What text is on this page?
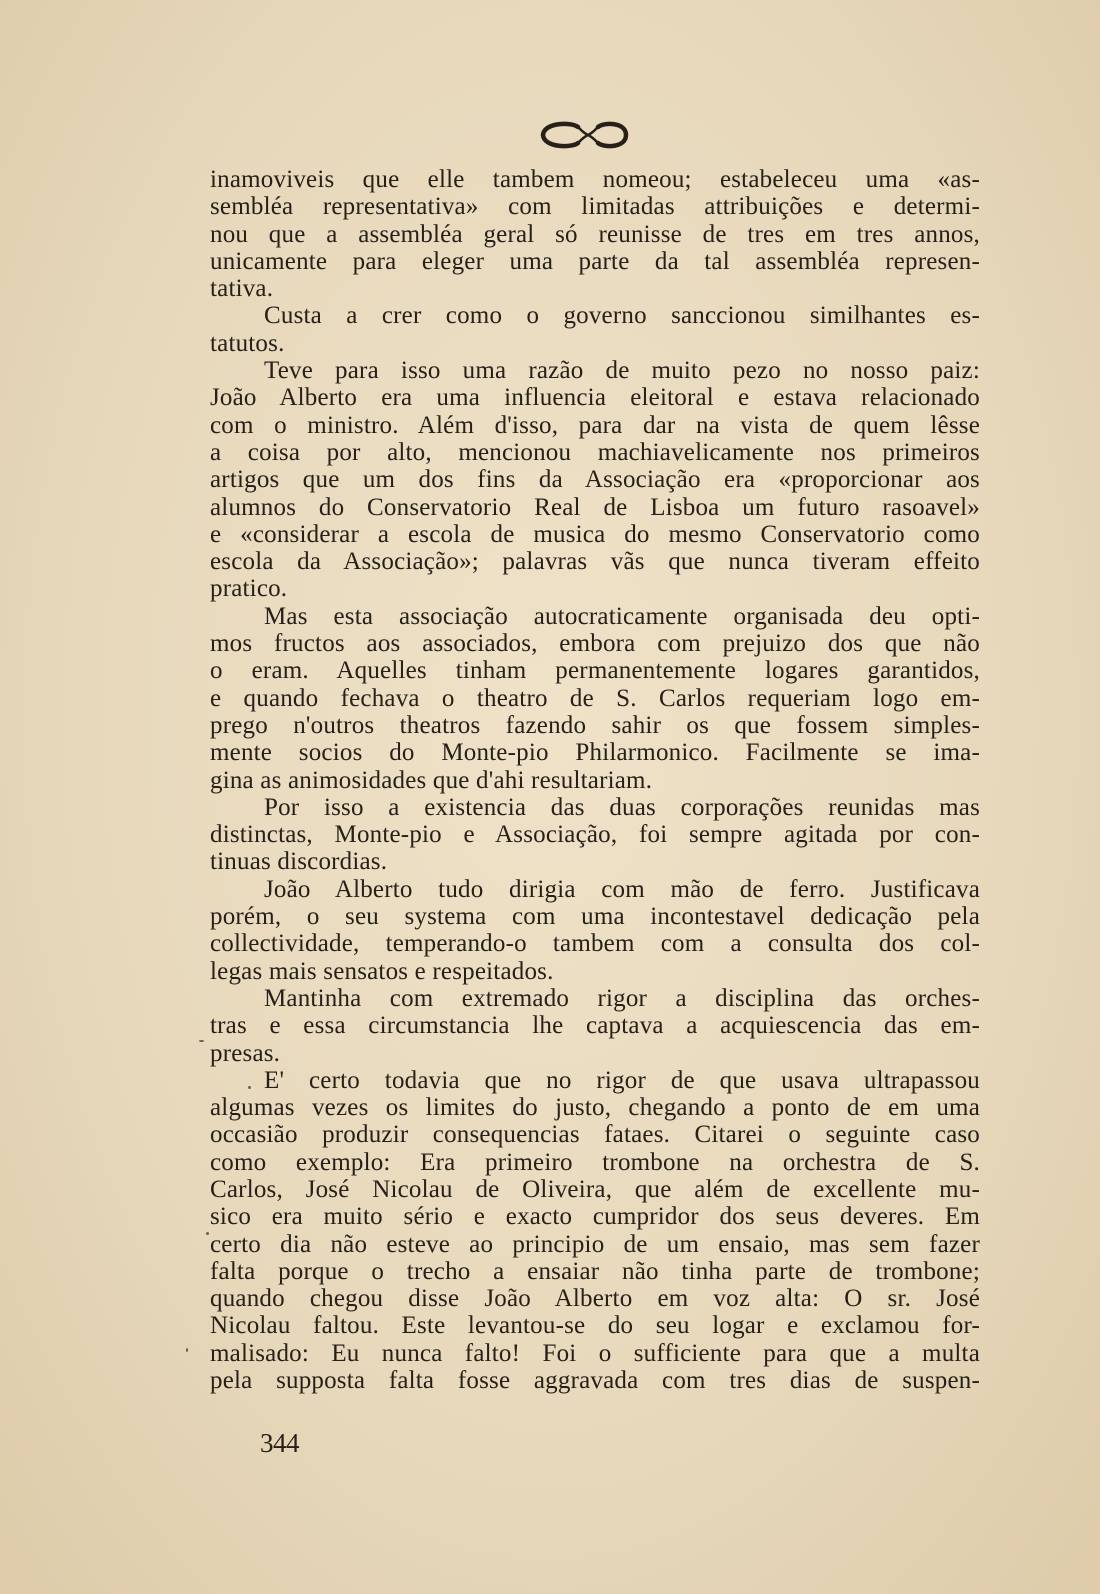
inamoviveis que elle tambem nomeou; estabeleceu uma «as-
sembléa representativa» com limitadas attribuições e determi-
nou que a assembléa geral só reunisse de tres em tres annos,
unicamente para eleger uma parte da tal assembléa represen-
tativa.
Custa a crer como o governo sanccionou similhantes es-
tatutos.
Teve para isso uma razão de muito pezo no nosso paiz:
João Alberto era uma influencia eleitoral e estava relacionado
com o ministro. Além d'isso, para dar na vista de quem lêsse
a coisa por alto, mencionou machiavelicamente nos primeiros
artigos que um dos fins da Associação era «proporcionar aos
alumnos do Conservatorio Real de Lisboa um futuro rasoavel»
e «considerar a escola de musica do mesmo Conservatorio como
escola da Associação»; palavras vãs que nunca tiveram effeito
pratico.
Mas esta associação autocraticamente organisada deu opti-
mos fructos aos associados, embora com prejuizo dos que não
o eram. Aquelles tinham permanentemente logares garantidos,
e quando fechava o theatro de S. Carlos requeriam logo em-
prego n'outros theatros fazendo sahir os que fossem simples-
mente socios do Monte-pio Philarmonico. Facilmente se ima-
gina as animosidades que d'ahi resultariam.
Por isso a existencia das duas corporações reunidas mas
distinctas, Monte-pio e Associação, foi sempre agitada por con-
tinuas discordias.
João Alberto tudo dirigia com mão de ferro. Justificava
porém, o seu systema com uma incontestavel dedicação pela
collectividade, temperando-o tambem com a consulta dos col-
legas mais sensatos e respeitados.
Mantinha com extremado rigor a disciplina das orches-
tras e essa circumstancia lhe captava a acquiescencia das em-
presas.
E' certo todavia que no rigor de que usava ultrapassou
algumas vezes os limites do justo, chegando a ponto de em uma
occasião produzir consequencias fataes. Citarei o seguinte caso
como exemplo: Era primeiro trombone na orchestra de S.
Carlos, José Nicolau de Oliveira, que além de excellente mu-
sico era muito sério e exacto cumpridor dos seus deveres. Em
certo dia não esteve ao principio de um ensaio, mas sem fazer
falta porque o trecho a ensaiar não tinha parte de trombone;
quando chegou disse João Alberto em voz alta: O sr. José
Nicolau faltou. Este levantou-se do seu logar e exclamou for-
malisado: Eu nunca falto! Foi o sufficiente para que a multa
pela supposta falta fosse aggravada com tres dias de suspen-
344
